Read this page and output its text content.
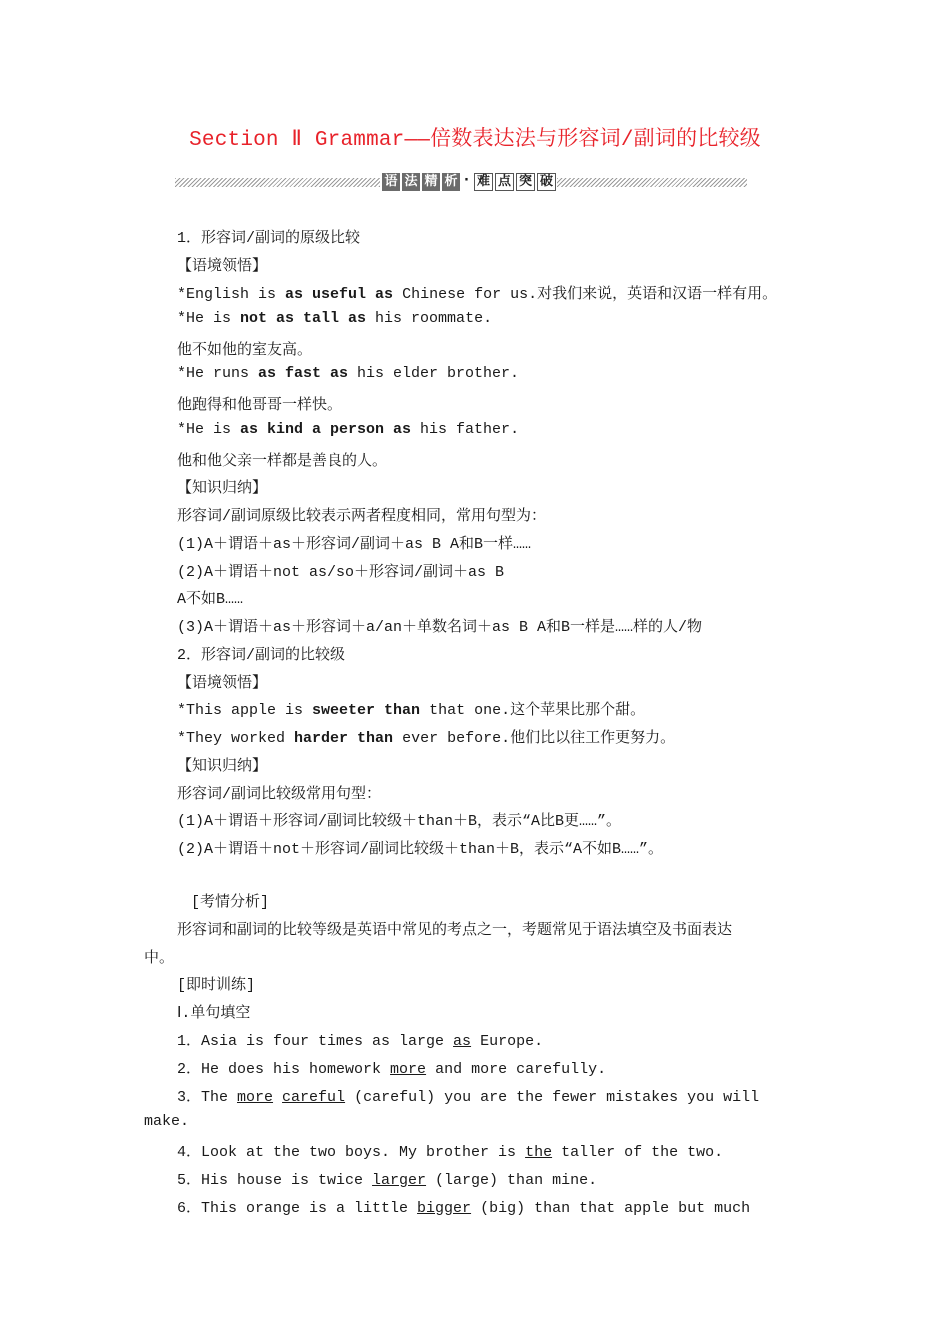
Section Ⅱ Grammar——倍数表达法与形容词/副词的比较级
语 法 精 析 · 难 点 突 破
1．形容词/副词的原级比较
【语境领悟】
*English is as useful as Chinese for us.对我们来说，英语和汉语一样有用。
*He is not as tall as his roommate.
他不如他的室友高。
*He runs as fast as his elder brother.
他跑得和他哥哥一样快。
*He is as kind a person as his father.
他和他父亲一样都是善良的人。
【知识归纳】
形容词/副词原级比较表示两者程度相同，常用句型为：
(1)A＋谓语＋as＋形容词/副词＋as B A和B一样……
(2)A＋谓语＋not as/so＋形容词/副词＋as B
A不如B……
(3)A＋谓语＋as＋形容词＋a/an＋单数名词＋as B A和B一样是……样的人/物
2．形容词/副词的比较级
【语境领悟】
*This apple is sweeter than that one.这个苹果比那个甜。
*They worked harder than ever before.他们比以往工作更努力。
【知识归纳】
形容词/副词比较级常用句型：
(1)A＋谓语＋形容词/副词比较级＋than＋B，表示“A比B更……”。
(2)A＋谓语＋not＋形容词/副词比较级＋than＋B，表示“A不如B……”。
[考情分析]
形容词和副词的比较等级是英语中常见的考点之一，考题常见于语法填空及书面表达
中。
[即时训练]
Ⅰ.单句填空
1．Asia is four times as large as Europe.
2．He does his homework more and more carefully.
3．The more careful (careful) you are the fewer mistakes you will
make.
4．Look at the two boys. My brother is the taller of the two.
5．His house is twice larger (large) than mine.
6．This orange is a little bigger (big) than that apple but much
